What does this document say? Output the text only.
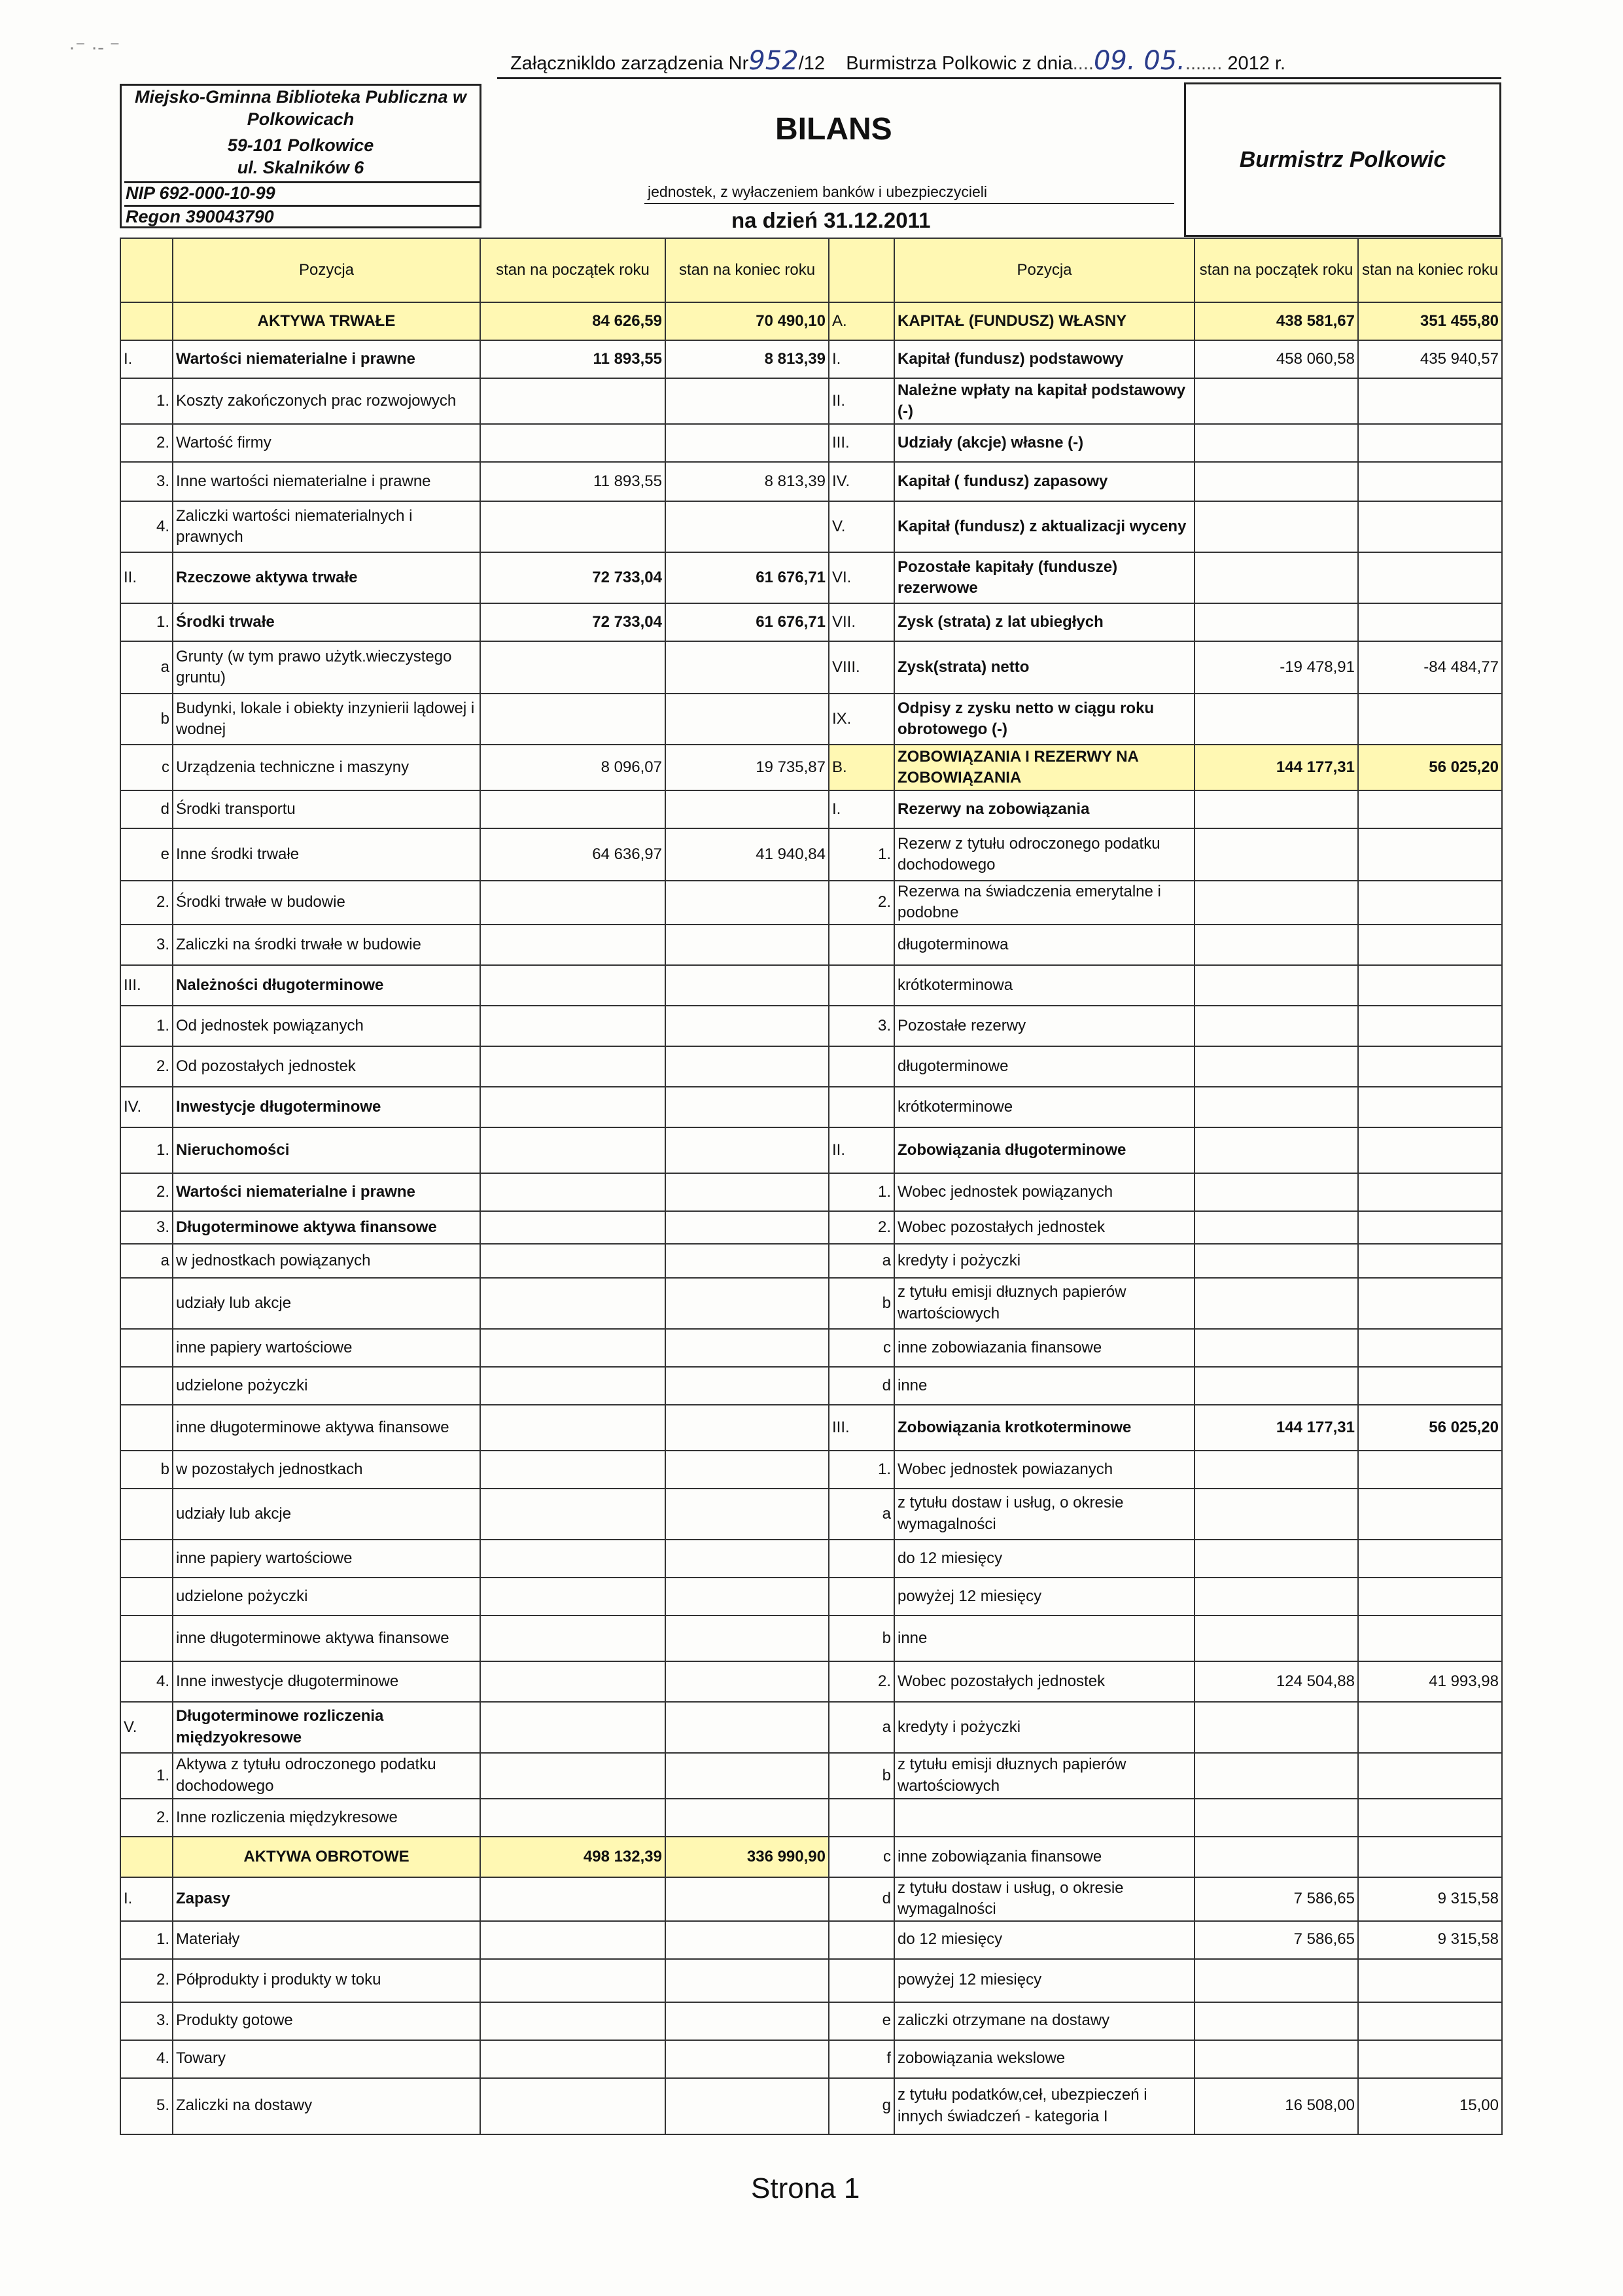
·⁻ ·‐ ⁻
Załącznikldo zarządzenia Nr952/12 Burmistrza Polkowic z dnia....09. 05........ 2012 r.
Miejsko-Gminna Biblioteka Publiczna w
Polkowicach
59-101 Polkowice
ul. Skalników 6
NIP 692-000-10-99
Regon 390043790
BILANS
jednostek, z wyłaczeniem banków i ubezpieczycieli
na dzień 31.12.2011
Burmistrz Polkowic
	Pozycja	stan na początek roku	stan na koniec roku		Pozycja	stan na początek roku	stan na koniec roku
	AKTYWA TRWAŁE	84 626,59	70 490,10	A.	KAPITAŁ (FUNDUSZ) WŁASNY	438 581,67	351 455,80
I.	Wartości niematerialne i prawne	11 893,55	8 813,39	I.	Kapitał (fundusz) podstawowy	458 060,58	435 940,57
1.	Koszty zakończonych prac rozwojowych			II.	Należne wpłaty na kapitał podstawowy (-)		
2.	Wartość firmy			III.	Udziały (akcje) własne (-)		
3.	Inne wartości niematerialne i prawne	11 893,55	8 813,39	IV.	Kapitał ( fundusz) zapasowy		
4.	Zaliczki wartości niematerialnych i prawnych			V.	Kapitał (fundusz) z aktualizacji wyceny		
II.	Rzeczowe aktywa trwałe	72 733,04	61 676,71	VI.	Pozostałe kapitały (fundusze) rezerwowe		
1.	Środki trwałe	72 733,04	61 676,71	VII.	Zysk (strata) z lat ubiegłych		
a	Grunty (w tym prawo użytk.wieczystego gruntu)			VIII.	Zysk(strata) netto	-19 478,91	-84 484,77
b	Budynki, lokale i obiekty inzynierii lądowej i wodnej			IX.	Odpisy z zysku netto w ciągu roku obrotowego (-)		
c	Urządzenia techniczne i maszyny	8 096,07	19 735,87	B.	ZOBOWIĄZANIA I REZERWY NA ZOBOWIĄZANIA	144 177,31	56 025,20
d	Środki transportu			I.	Rezerwy na zobowiązania		
e	Inne środki trwałe	64 636,97	41 940,84	1.	Rezerw z tytułu odroczonego podatku dochodowego		
2.	Środki trwałe w budowie			2.	Rezerwa na świadczenia emerytalne i podobne		
3.	Zaliczki na środki trwałe w budowie				długoterminowa		
III.	Należności długoterminowe				krótkoterminowa		
1.	Od jednostek powiązanych			3.	Pozostałe rezerwy		
2.	Od pozostałych jednostek				długoterminowe		
IV.	Inwestycje długoterminowe				krótkoterminowe		
1.	Nieruchomości			II.	Zobowiązania długoterminowe		
2.	Wartości niematerialne i prawne			1.	Wobec jednostek powiązanych		
3.	Długoterminowe aktywa finansowe			2.	Wobec pozostałych jednostek		
a	w jednostkach powiązanych			a	kredyty i pożyczki		
	udziały lub akcje			b	z tytułu emisji dłuznych papierów wartościowych		
	inne papiery wartościowe			c	inne zobowiazania finansowe		
	udzielone pożyczki			d	inne		
	inne długoterminowe aktywa finansowe			III.	Zobowiązania krotkoterminowe	144 177,31	56 025,20
b	w pozostałych jednostkach			1.	Wobec jednostek powiazanych		
	udziały lub akcje			a	z tytułu dostaw i usług, o okresie wymagalności		
	inne papiery wartościowe				do 12 miesięcy		
	udzielone pożyczki				powyżej 12 miesięcy		
	inne długoterminowe aktywa finansowe			b	inne		
4.	Inne inwestycje długoterminowe			2.	Wobec pozostałych jednostek	124 504,88	41 993,98
V.	Długoterminowe rozliczenia międzyokresowe			a	kredyty i pożyczki		
1.	Aktywa z tytułu odroczonego podatku dochodowego			b	z tytułu emisji dłuznych papierów wartościowych		
2.	Inne rozliczenia międzykresowe						
	AKTYWA OBROTOWE	498 132,39	336 990,90	c	inne zobowiązania finansowe		
I.	Zapasy			d	z tytułu dostaw i usług, o okresie wymagalności	7 586,65	9 315,58
1.	Materiały				do 12 miesięcy	7 586,65	9 315,58
2.	Półprodukty i produkty w toku				powyżej 12 miesięcy		
3.	Produkty gotowe			e	zaliczki otrzymane na dostawy		
4.	Towary			f	zobowiązania wekslowe		
5.	Zaliczki na dostawy			g	z tytułu podatków,ceł, ubezpieczeń i innych świadczeń - kategoria I	16 508,00	15,00
Strona 1
